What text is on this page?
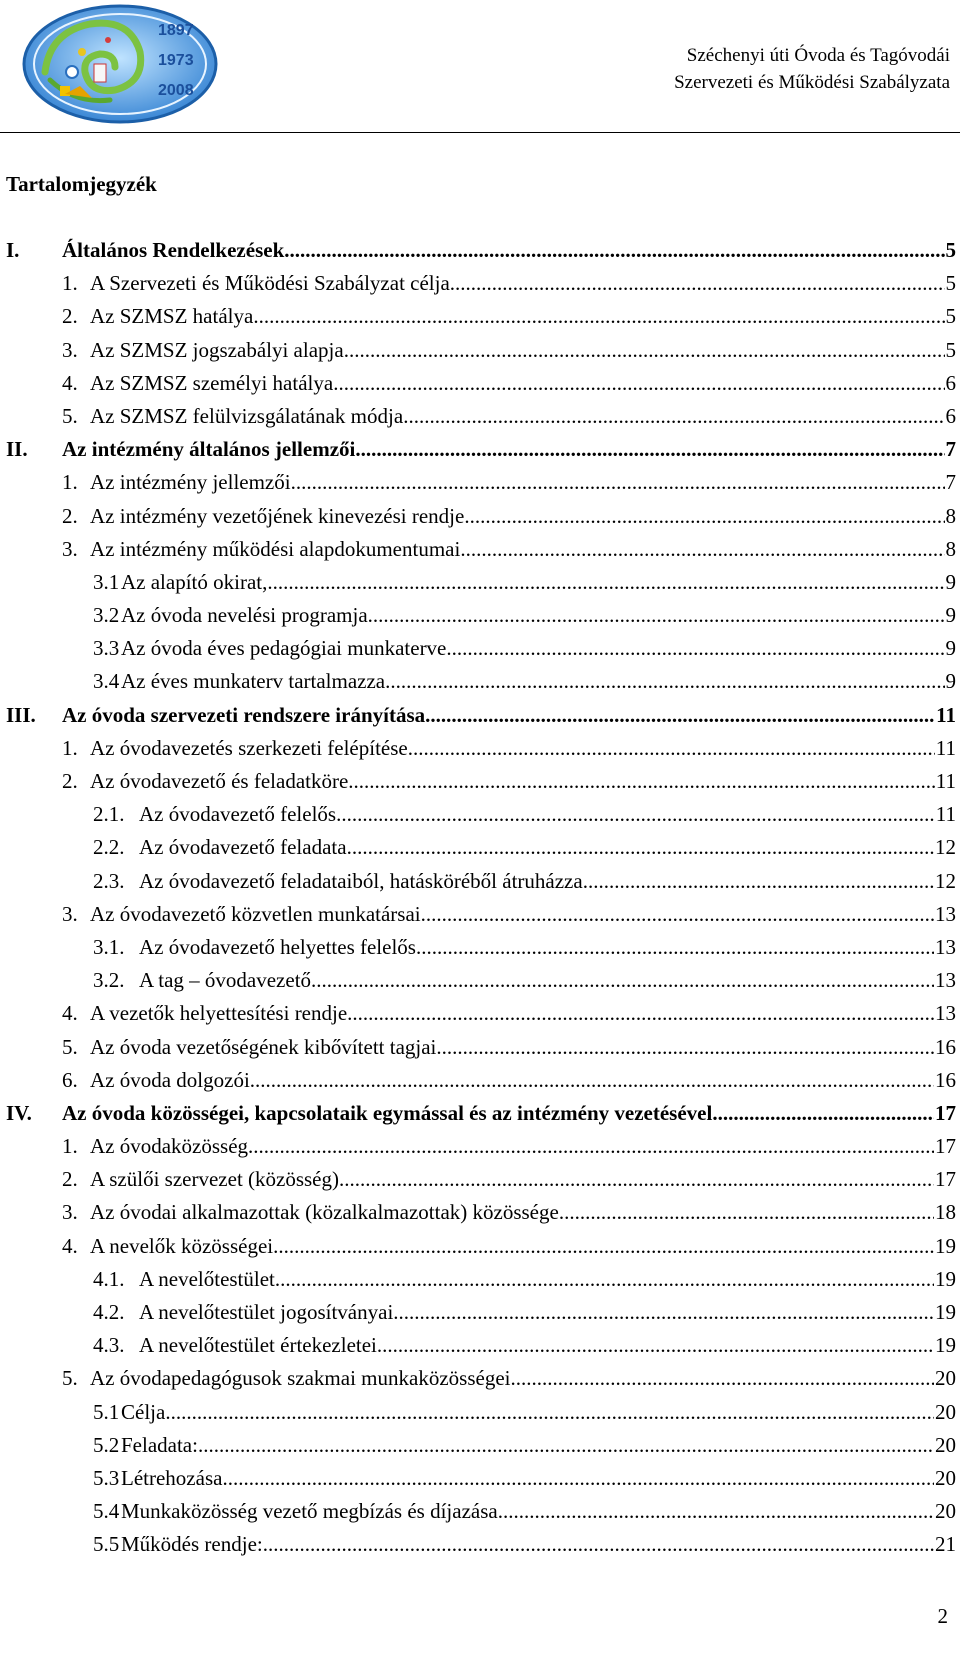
1897
1973
2008
Széchenyi úti Óvoda és Tagóvodái
Szervezeti és Működési Szabályzata
Tartalomjegyzék
I. Általános Rendelkezések .....	5
1. A Szervezeti és Működési Szabályzat célja .....	5
2. Az SZMSZ hatálya .....	5
3. Az SZMSZ jogszabályi alapja .....	5
4. Az SZMSZ személyi hatálya .....	6
5. Az SZMSZ felülvizsgálatának módja .....	6
II. Az intézmény általános jellemzői .....	7
1. Az intézmény jellemzői .....	7
2. Az intézmény vezetőjének kinevezési rendje .....	8
3. Az intézmény működési alapdokumentumai .....	8
3.1 Az alapító okirat, .....	9
3.2 Az óvoda nevelési programja .....	9
3.3 Az óvoda éves pedagógiai munkaterve .....	9
3.4 Az éves munkaterv tartalmazza .....	9
III. Az óvoda szervezeti rendszere irányítása .....	11
1. Az óvodavezetés szerkezeti felépítése .....	11
2. Az óvodavezető és feladatköre .....	11
2.1. Az óvodavezető felelős .....	11
2.2. Az óvodavezető feladata .....	12
2.3. Az óvodavezető feladataiból, hatásköréből átruházza .....	12
3. Az óvodavezető közvetlen munkatársai .....	13
3.1. Az óvodavezető helyettes felelős .....	13
3.2. A tag – óvodavezető .....	13
4. A vezetők helyettesítési rendje .....	13
5. Az óvoda vezetőségének kibővített tagjai .....	16
6. Az óvoda dolgozói .....	16
IV. Az óvoda közösségei, kapcsolataik egymással és az intézmény vezetésével .....	17
1. Az óvodaközösség .....	17
2. A szülői szervezet (közösség) .....	17
3. Az óvodai alkalmazottak (közalkalmazottak) közössége .....	18
4. A nevelők közösségei .....	19
4.1. A nevelőtestület .....	19
4.2. A nevelőtestület jogosítványai .....	19
4.3. A nevelőtestület értekezletei .....	19
5. Az óvodapedagógusok szakmai munkaközösségei .....	20
5.1 Célja .....	20
5.2 Feladata: .....	20
5.3 Létrehozása .....	20
5.4 Munkaközösség vezető megbízás és díjazása .....	20
5.5 Működés rendje: .....	21
2
